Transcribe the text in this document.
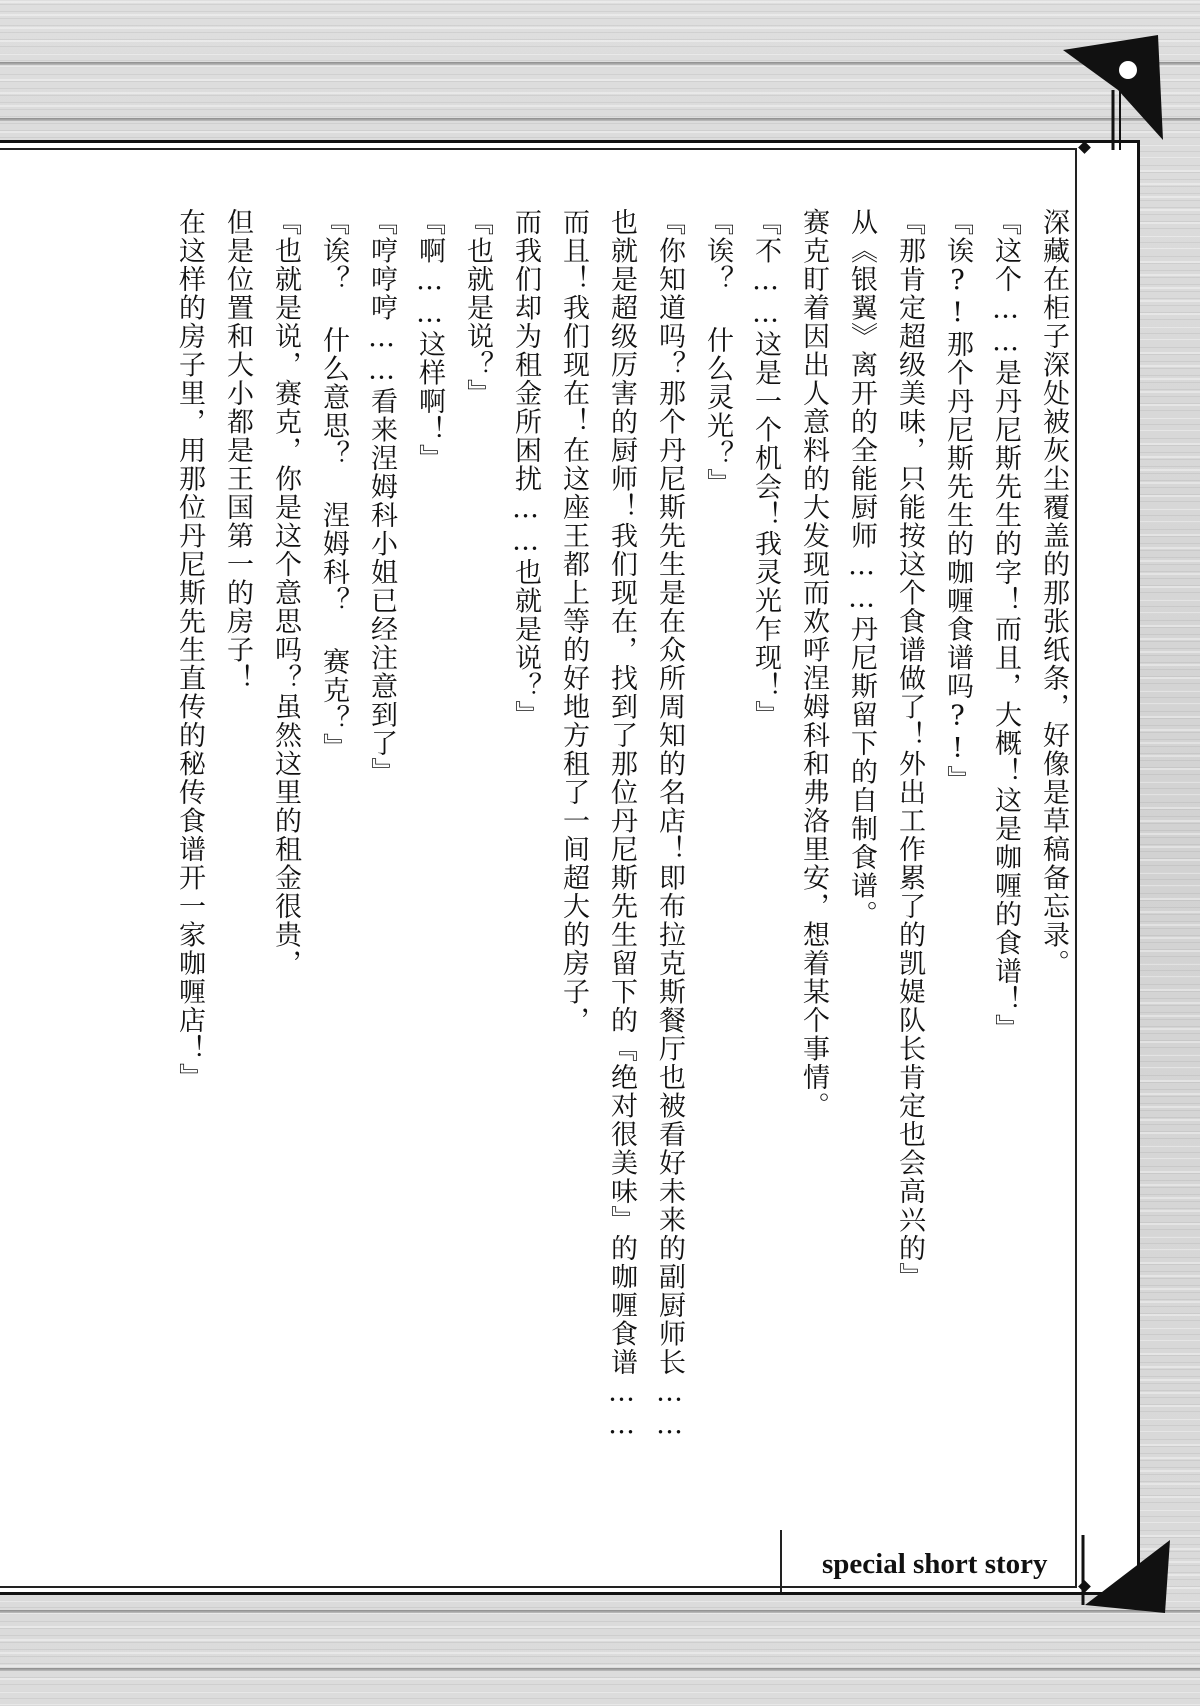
深藏在柜子深处被灰尘覆盖的那张纸条，好像是草稿备忘录。
『这个……是丹尼斯先生的字！而且，大概！这是咖喱的食谱！』
『诶?!那个丹尼斯先生的咖喱食谱吗?!』
『那肯定超级美味，只能按这个食谱做了！外出工作累了的凯媞队长肯定也会高兴的』
从《银翼》离开的全能厨师……丹尼斯留下的自制食谱。
赛克盯着因出人意料的大发现而欢呼涅姆科和弗洛里安，想着某个事情。
『不……这是一个机会！我灵光乍现！』
『诶？ 什么灵光？』
『你知道吗？那个丹尼斯先生是在众所周知的名店！即布拉克斯餐厅也被看好未来的副厨师长……
也就是超级厉害的厨师！我们现在，找到了那位丹尼斯先生留下的『绝对很美味』的咖喱食谱……
而且！我们现在！在这座王都上等的好地方租了一间超大的房子，
而我们却为租金所困扰……也就是说？』
『也就是说？』
『啊……这样啊！』
『哼哼哼……看来涅姆科小姐已经注意到了』
『诶？ 什么意思？ 涅姆科？ 赛克？』
『也就是说，赛克，你是这个意思吗？虽然这里的租金很贵，
但是位置和大小都是王国第一的房子！
在这样的房子里，用那位丹尼斯先生直传的秘传食谱开一家咖喱店！』
special short story
